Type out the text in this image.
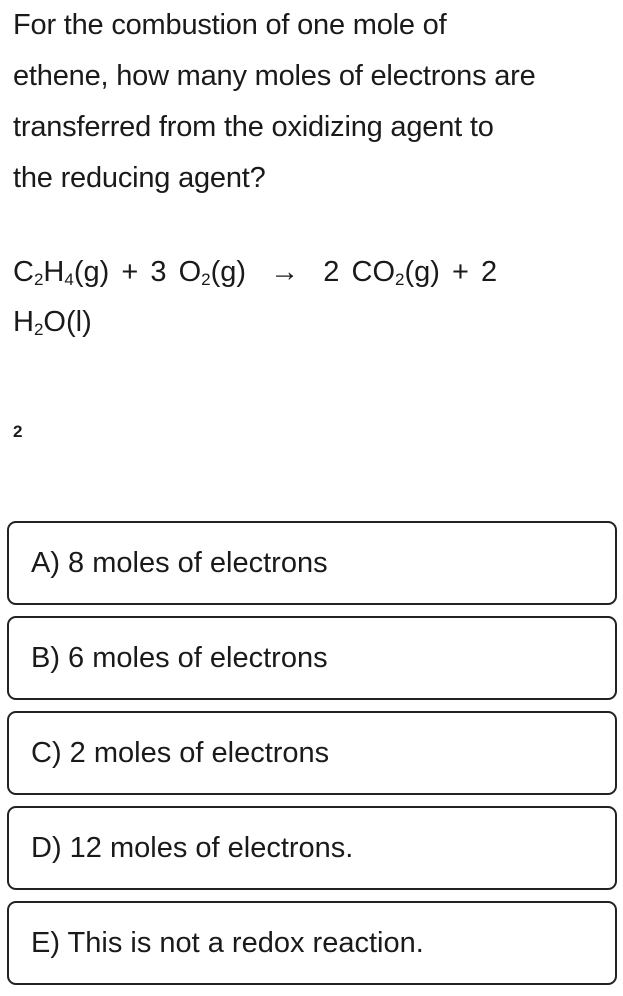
For the combustion of one mole of
ethene, how many moles of electrons are
transferred from the oxidizing agent to
the reducing agent?
$C_2H_4(g) + 3$ $O_2(g) \to 2$ $CO_2(g) + 2$
$H_2O(l)$
2
A) 8 moles of electrons
B) 6 moles of electrons
C) 2 moles of electrons
D) 12 moles of electrons.
E) This is not a redox reaction.
